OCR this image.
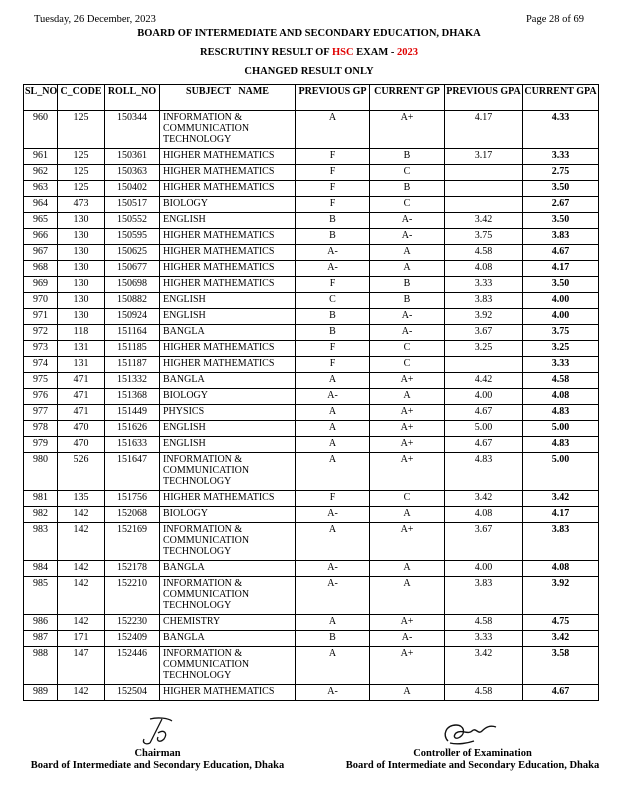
Tuesday, 26 December, 2023	Page 28 of 69
BOARD OF INTERMEDIATE AND SECONDARY EDUCATION, DHAKA
RESCRUTINY RESULT OF HSC EXAM - 2023
CHANGED RESULT ONLY
SL_NO	C_CODE	ROLL_NO	SUBJECT   NAME	PREVIOUS GP	CURRENT GP	PREVIOUS GPA	CURRENT GPA
960	125	150344	INFORMATION & COMMUNICATION TECHNOLOGY	A	A+	4.17	4.33
961	125	150361	HIGHER MATHEMATICS	F	B	3.17	3.33
962	125	150363	HIGHER MATHEMATICS	F	C		2.75
963	125	150402	HIGHER MATHEMATICS	F	B		3.50
964	473	150517	BIOLOGY	F	C		2.67
965	130	150552	ENGLISH	B	A-	3.42	3.50
966	130	150595	HIGHER MATHEMATICS	B	A-	3.75	3.83
967	130	150625	HIGHER MATHEMATICS	A-	A	4.58	4.67
968	130	150677	HIGHER MATHEMATICS	A-	A	4.08	4.17
969	130	150698	HIGHER MATHEMATICS	F	B	3.33	3.50
970	130	150882	ENGLISH	C	B	3.83	4.00
971	130	150924	ENGLISH	B	A-	3.92	4.00
972	118	151164	BANGLA	B	A-	3.67	3.75
973	131	151185	HIGHER MATHEMATICS	F	C	3.25	3.25
974	131	151187	HIGHER MATHEMATICS	F	C		3.33
975	471	151332	BANGLA	A	A+	4.42	4.58
976	471	151368	BIOLOGY	A-	A	4.00	4.08
977	471	151449	PHYSICS	A	A+	4.67	4.83
978	470	151626	ENGLISH	A	A+	5.00	5.00
979	470	151633	ENGLISH	A	A+	4.67	4.83
980	526	151647	INFORMATION & COMMUNICATION TECHNOLOGY	A	A+	4.83	5.00
981	135	151756	HIGHER MATHEMATICS	F	C	3.42	3.42
982	142	152068	BIOLOGY	A-	A	4.08	4.17
983	142	152169	INFORMATION & COMMUNICATION TECHNOLOGY	A	A+	3.67	3.83
984	142	152178	BANGLA	A-	A	4.00	4.08
985	142	152210	INFORMATION & COMMUNICATION TECHNOLOGY	A-	A	3.83	3.92
986	142	152230	CHEMISTRY	A	A+	4.58	4.75
987	171	152409	BANGLA	B	A-	3.33	3.42
988	147	152446	INFORMATION & COMMUNICATION TECHNOLOGY	A	A+	3.42	3.58
989	142	152504	HIGHER MATHEMATICS	A-	A	4.58	4.67
Chairman
Board of Intermediate and Secondary Education, Dhaka
Controller of Examination
Board of Intermediate and Secondary Education, Dhaka
